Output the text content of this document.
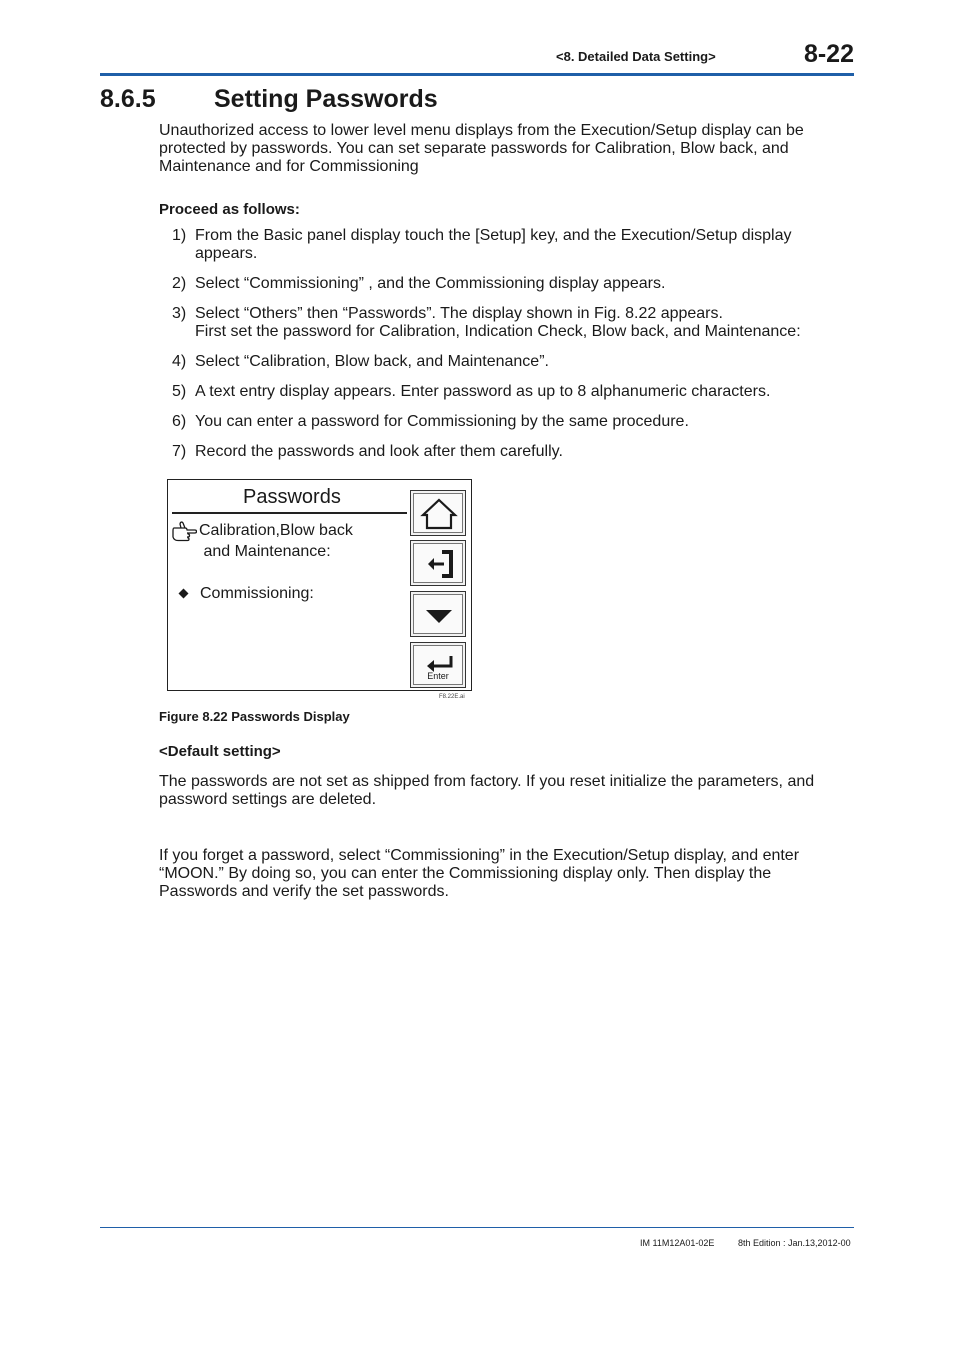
<8. Detailed Data Setting>	8-22
8.6.5 Setting Passwords
Unauthorized access to lower level menu displays from the Execution/Setup display can be
protected by passwords. You can set separate passwords for Calibration, Blow back, and
Maintenance and for Commissioning
Proceed as follows:
1) From the Basic panel display touch the [Setup] key, and the Execution/Setup display
appears.
2) Select “Commissioning” , and the Commissioning display appears.
3) Select “Others” then “Passwords”. The display shown in Fig. 8.22 appears.
First set the password for Calibration, Indication Check, Blow back, and Maintenance:
4) Select “Calibration, Blow back, and Maintenance”.
5) A text entry display appears. Enter password as up to 8 alphanumeric characters.
6) You can enter a password for Commissioning by the same procedure.
7) Record the passwords and look after them carefully.
Passwords
Calibration,Blow back
and Maintenance:
Commissioning:
Enter
F8.22E.ai
Figure 8.22 Passwords Display
<Default setting>
The passwords are not set as shipped from factory. If you reset initialize the parameters, and
password settings are deleted.
If you forget a password, select “Commissioning” in the Execution/Setup display, and enter
“MOON.” By doing so, you can enter the Commissioning display only. Then display the
Passwords and verify the set passwords.
IM 11M12A01-02E	8th Edition : Jan.13,2012-00
